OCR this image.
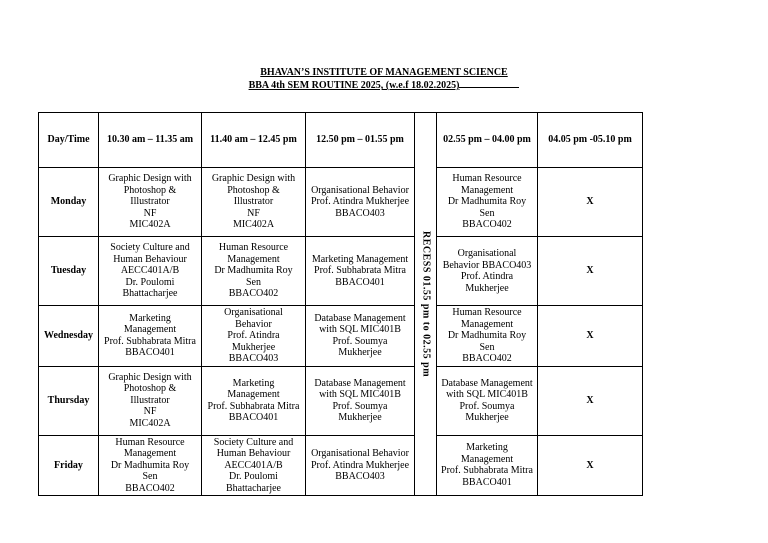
BHAVAN’S INSTITUTE OF MANAGEMENT SCIENCE
BBA 4th SEM ROUTINE 2025, (w.e.f 18.02.2025)
Day/Time	10.30 am – 11.35 am	11.40 am – 12.45 pm	12.50 pm – 01.55 pm	RECESS 01.55 pm to 02.55 pm	02.55 pm – 04.00 pm	04.05 pm -05.10 pm
Monday	Graphic Design with
Photoshop &
Illustrator
NF
MIC402A	Graphic Design with
Photoshop &
Illustrator
NF
MIC402A	Organisational Behavior
Prof. Atindra Mukherjee
BBACO403		Human Resource
Management
Dr Madhumita Roy
Sen
BBACO402	X
Tuesday	Society Culture and
Human Behaviour
AECC401A/B
Dr. Poulomi
Bhattacharjee	Human Resource
Management
Dr Madhumita Roy
Sen
BBACO402	Marketing Management
Prof. Subhabrata Mitra
BBACO401		Organisational
Behavior BBACO403
Prof. Atindra
Mukherjee	X
Wednesday	Marketing
Management
Prof. Subhabrata Mitra
BBACO401	Organisational
Behavior
Prof. Atindra
Mukherjee
BBACO403	Database Management
with SQL MIC401B
Prof. Soumya
Mukherjee		Human Resource
Management
Dr Madhumita Roy
Sen
BBACO402	X
Thursday	Graphic Design with
Photoshop &
Illustrator
NF
MIC402A	Marketing
Management
Prof. Subhabrata Mitra
BBACO401	Database Management
with SQL MIC401B
Prof. Soumya
Mukherjee		Database Management
with SQL MIC401B
Prof. Soumya
Mukherjee	X
Friday	Human Resource
Management
Dr Madhumita Roy
Sen
BBACO402	Society Culture and
Human Behaviour
AECC401A/B
Dr. Poulomi
Bhattacharjee	Organisational Behavior
Prof. Atindra Mukherjee
BBACO403		Marketing
Management
Prof. Subhabrata Mitra
BBACO401	X
